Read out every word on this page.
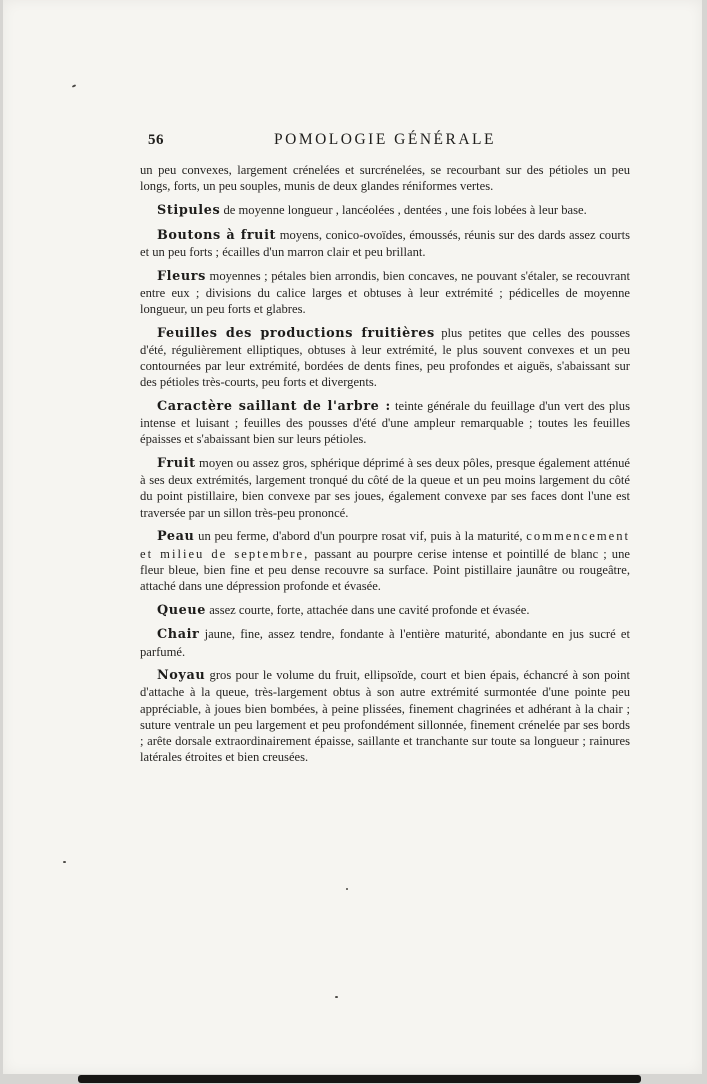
56	POMOLOGIE GÉNÉRALE

un peu convexes, largement crénelées et surcrénelées, se recourbant sur des pétioles un peu longs, forts, un peu souples, munis de deux glandes réniformes vertes.

Stipules de moyenne longueur , lancéolées , dentées , une fois lobées à leur base.

Boutons à fruit moyens, conico-ovoïdes, émoussés, réunis sur des dards assez courts et un peu forts ; écailles d'un marron clair et peu brillant.

Fleurs moyennes ; pétales bien arrondis, bien concaves, ne pouvant s'étaler, se recouvrant entre eux ; divisions du calice larges et obtuses à leur extrémité ; pédicelles de moyenne longueur, un peu forts et glabres.

Feuilles des productions fruitières plus petites que celles des pousses d'été, régulièrement elliptiques, obtuses à leur extrémité, le plus souvent convexes et un peu contournées par leur extrémité, bordées de dents fines, peu profondes et aiguës, s'abaissant sur des pétioles très-courts, peu forts et divergents.

Caractère saillant de l'arbre : teinte générale du feuillage d'un vert des plus intense et luisant ; feuilles des pousses d'été d'une ampleur remarquable ; toutes les feuilles épaisses et s'abaissant bien sur leurs pétioles.

Fruit moyen ou assez gros, sphérique déprimé à ses deux pôles, presque également atténué à ses deux extrémités, largement tronqué du côté de la queue et un peu moins largement du côté du point pistillaire, bien convexe par ses joues, également convexe par ses faces dont l'une est traversée par un sillon très-peu prononcé.

Peau un peu ferme, d'abord d'un pourpre rosat vif, puis à la maturité, commencement et milieu de septembre, passant au pourpre cerise intense et pointillé de blanc ; une fleur bleue, bien fine et peu dense recouvre sa surface. Point pistillaire jaunâtre ou rougeâtre, attaché dans une dépression profonde et évasée.

Queue assez courte, forte, attachée dans une cavité profonde et évasée.

Chair jaune, fine, assez tendre, fondante à l'entière maturité, abondante en jus sucré et parfumé.

Noyau gros pour le volume du fruit, ellipsoïde, court et bien épais, échancré à son point d'attache à la queue, très-largement obtus à son autre extrémité surmontée d'une pointe peu appréciable, à joues bien bombées, à peine plissées, finement chagrinées et adhérant à la chair ; suture ventrale un peu largement et peu profondément sillonnée, finement crénelée par ses bords ; arête dorsale extraordinairement épaisse, saillante et tranchante sur toute sa longueur ; rainures latérales étroites et bien creusées.
